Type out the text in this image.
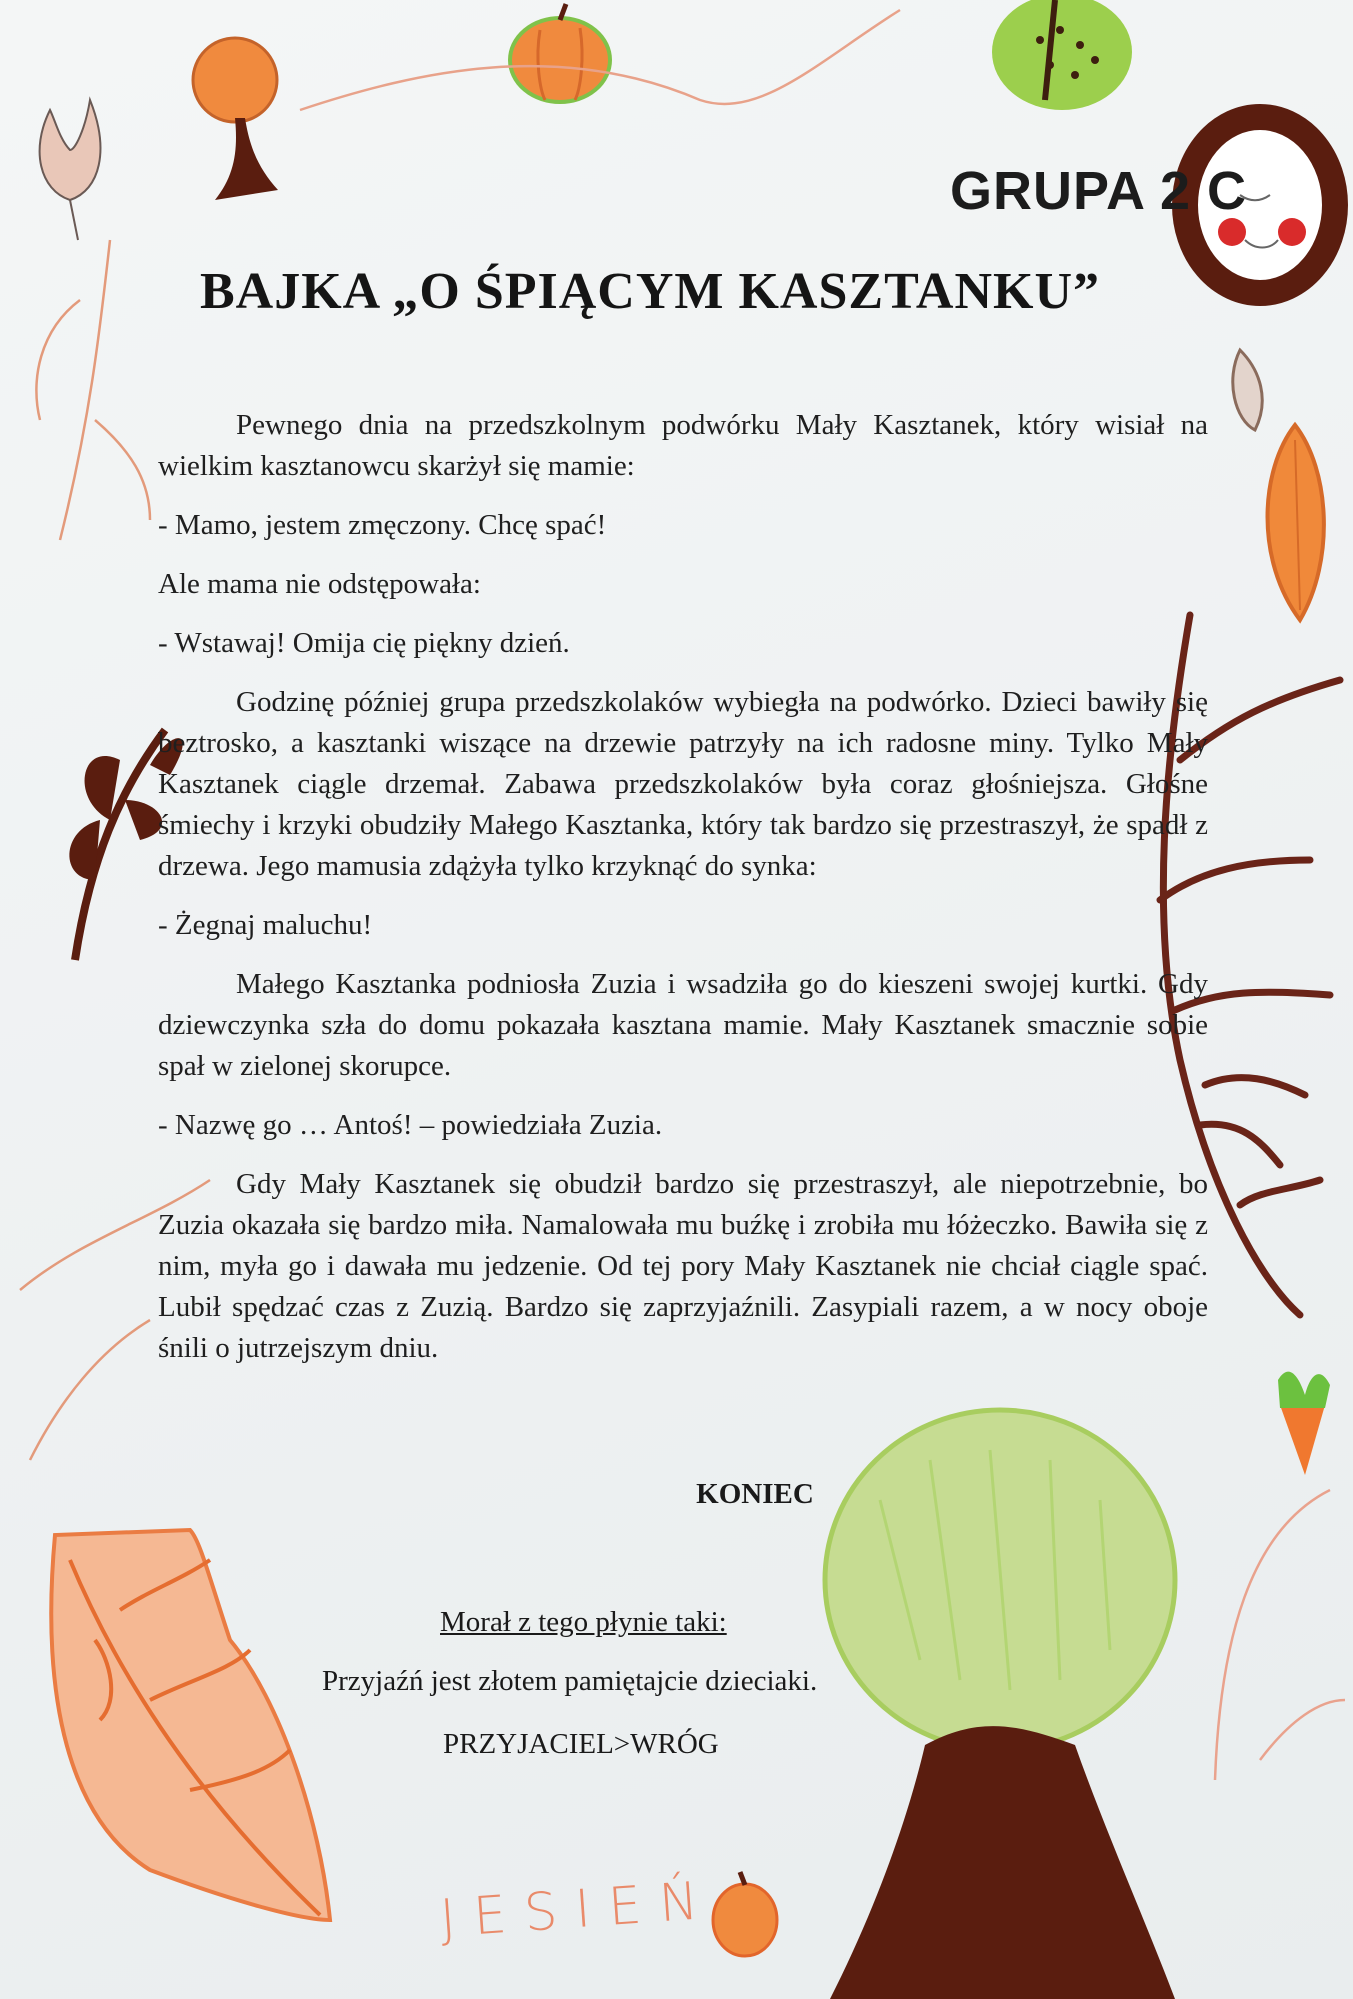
GRUPA 2 C
BAJKA „O ŚPIĄCYM KASZTANKU”

Pewnego dnia na przedszkolnym podwórku Mały Kasztanek, który wisiał na wielkim kasztanowcu skarżył się mamie:

- Mamo, jestem zmęczony. Chcę spać!

Ale mama nie odstępowała:

- Wstawaj! Omija cię piękny dzień.

Godzinę później grupa przedszkolaków wybiegła na podwórko. Dzieci bawiły się beztrosko, a kasztanki wiszące na drzewie patrzyły na ich radosne miny. Tylko Mały Kasztanek ciągle drzemał. Zabawa przedszkolaków była coraz głośniejsza. Głośne śmiechy i krzyki obudziły Małego Kasztanka, który tak bardzo się przestraszył, że spadł z drzewa. Jego mamusia zdążyła tylko krzyknąć do synka:

- Żegnaj maluchu!

Małego Kasztanka podniosła Zuzia i wsadziła go do kieszeni swojej kurtki. Gdy dziewczynka szła do domu pokazała kasztana mamie. Mały Kasztanek smacznie sobie spał w zielonej skorupce.

- Nazwę go … Antoś! – powiedziała Zuzia.

Gdy Mały Kasztanek się obudził bardzo się przestraszył, ale niepotrzebnie, bo Zuzia okazała się bardzo miła. Namalowała mu buźkę i zrobiła mu łóżeczko. Bawiła się z nim, myła go i dawała mu jedzenie. Od tej pory Mały Kasztanek nie chciał ciągle spać. Lubił spędzać czas z Zuzią. Bardzo się zaprzyjaźnili. Zasypiali razem, a w nocy oboje śnili o jutrzejszym dniu.

KONIEC
Morał z tego płynie taki:
Przyjaźń jest złotem pamiętajcie dzieciaki.
PRZYJACIEL>WRÓG
JESIEŃ
